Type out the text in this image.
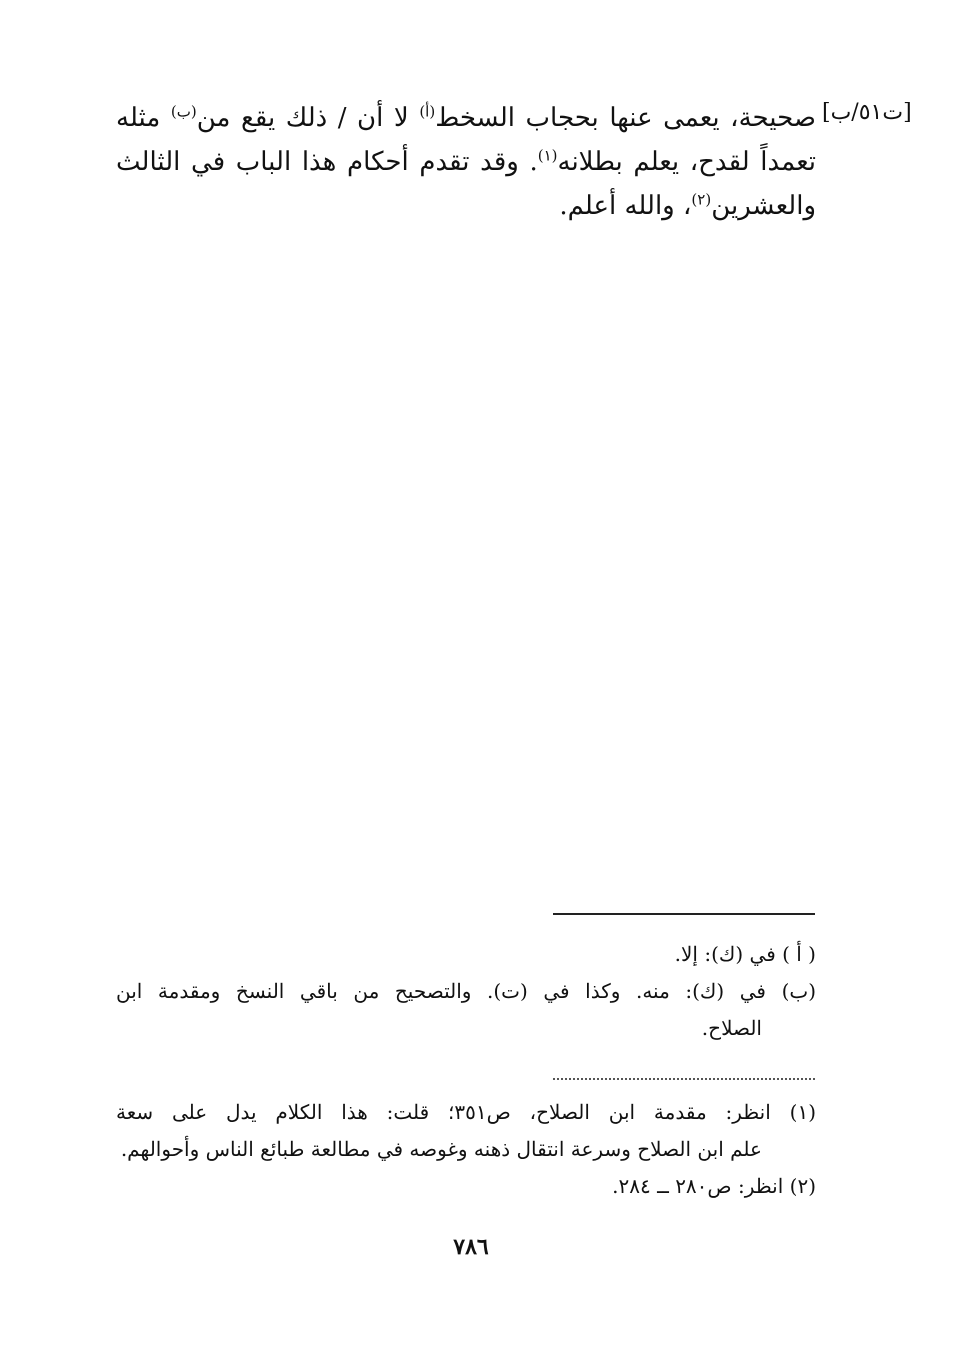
[ت٥١/ب]
صحيحة، يعمى عنها بحجاب السخط$^{(أ)}$ لا أن / ذلك يقع من$^{(ب)}$ مثله
تعمداً لقدح، يعلم بطلانه$^{(١)}$. وقد تقدم أحكام هذا الباب في الثالث
والعشرين$^{(٢)}$، والله أعلم.
( أ ) في (ك): إلا.
(ب) في (ك): منه. وكذا في (ت). والتصحيح من باقي النسخ ومقدمة ابن
الصلاح.
(١) انظر: مقدمة ابن الصلاح، ص٣٥١؛ قلت: هذا الكلام يدل على سعة
علم ابن الصلاح وسرعة انتقال ذهنه وغوصه في مطالعة طبائع الناس وأحوالهم.
(٢) انظر: ص٢٨٠ ــ ٢٨٤.
٧٨٦
